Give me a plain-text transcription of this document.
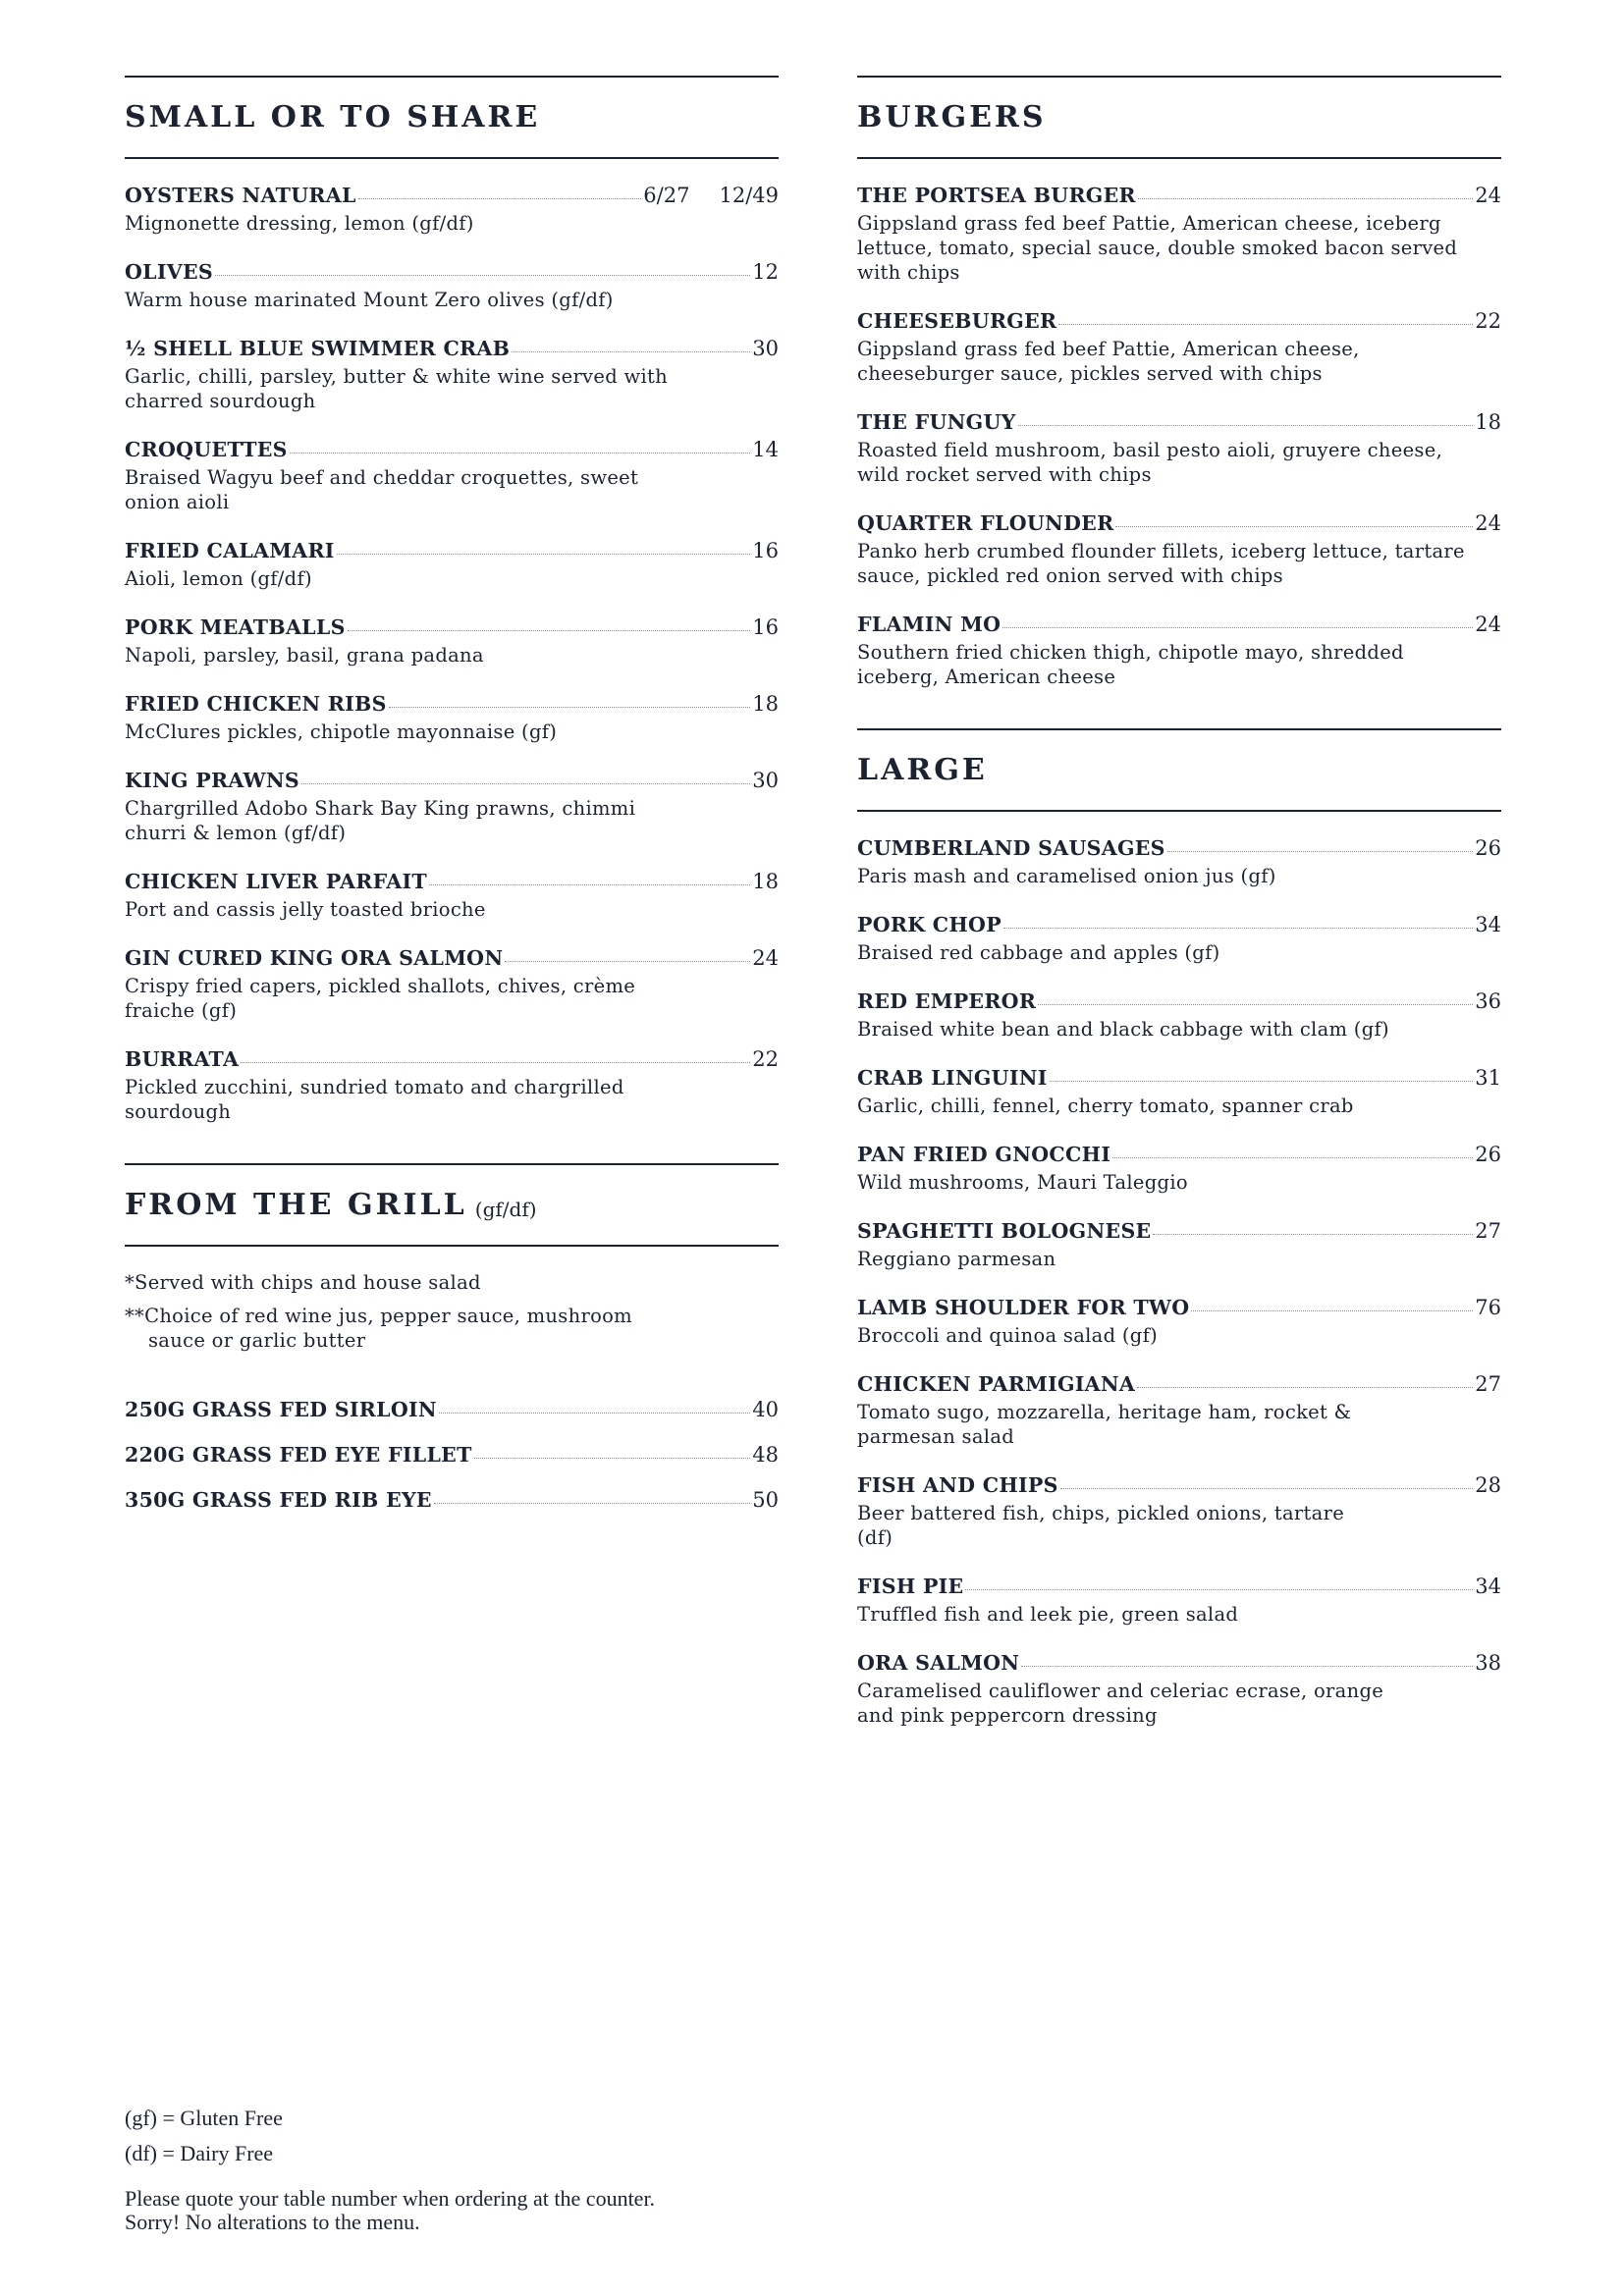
SMALL OR TO SHARE
OYSTERS NATURAL	6/27 12/49
Mignonette dressing, lemon (gf/df)
OLIVES	12
Warm house marinated Mount Zero olives (gf/df)
½ SHELL BLUE SWIMMER CRAB	30
Garlic, chilli, parsley, butter & white wine served with charred sourdough
CROQUETTES	14
Braised Wagyu beef and cheddar croquettes, sweet onion aioli
FRIED CALAMARI	16
Aioli, lemon (gf/df)
PORK MEATBALLS	16
Napoli, parsley, basil, grana padana
FRIED CHICKEN RIBS	18
McClures pickles, chipotle mayonnaise (gf)
KING PRAWNS	30
Chargrilled Adobo Shark Bay King prawns, chimmi churri & lemon (gf/df)
CHICKEN LIVER PARFAIT	18
Port and cassis jelly toasted brioche
GIN CURED KING ORA SALMON	24
Crispy fried capers, pickled shallots, chives, crème fraiche (gf)
BURRATA	22
Pickled zucchini, sundried tomato and chargrilled sourdough
FROM THE GRILL (gf/df)
*Served with chips and house salad
**Choice of red wine jus, pepper sauce, mushroom
sauce or garlic butter
250G GRASS FED SIRLOIN	40
220G GRASS FED EYE FILLET	48
350G GRASS FED RIB EYE	50
BURGERS
THE PORTSEA BURGER	24
Gippsland grass fed beef Pattie, American cheese, iceberg lettuce, tomato, special sauce, double smoked bacon served with chips
CHEESEBURGER	22
Gippsland grass fed beef Pattie, American cheese, cheeseburger sauce, pickles served with chips
THE FUNGUY	18
Roasted field mushroom, basil pesto aioli, gruyere cheese, wild rocket served with chips
QUARTER FLOUNDER	24
Panko herb crumbed flounder fillets, iceberg lettuce, tartare sauce, pickled red onion served with chips
FLAMIN MO	24
Southern fried chicken thigh, chipotle mayo, shredded iceberg, American cheese
LARGE
CUMBERLAND SAUSAGES	26
Paris mash and caramelised onion jus (gf)
PORK CHOP	34
Braised red cabbage and apples (gf)
RED EMPEROR	36
Braised white bean and black cabbage with clam (gf)
CRAB LINGUINI	31
Garlic, chilli, fennel, cherry tomato, spanner crab
PAN FRIED GNOCCHI	26
Wild mushrooms, Mauri Taleggio
SPAGHETTI BOLOGNESE	27
Reggiano parmesan
LAMB SHOULDER FOR TWO	76
Broccoli and quinoa salad (gf)
CHICKEN PARMIGIANA	27
Tomato sugo, mozzarella, heritage ham, rocket & parmesan salad
FISH AND CHIPS	28
Beer battered fish, chips, pickled onions, tartare (df)
FISH PIE	34
Truffled fish and leek pie, green salad
ORA SALMON	38
Caramelised cauliflower and celeriac ecrase, orange and pink peppercorn dressing
(gf) = Gluten Free
(df) = Dairy Free
Please quote your table number when ordering at the counter.
Sorry! No alterations to the menu.
